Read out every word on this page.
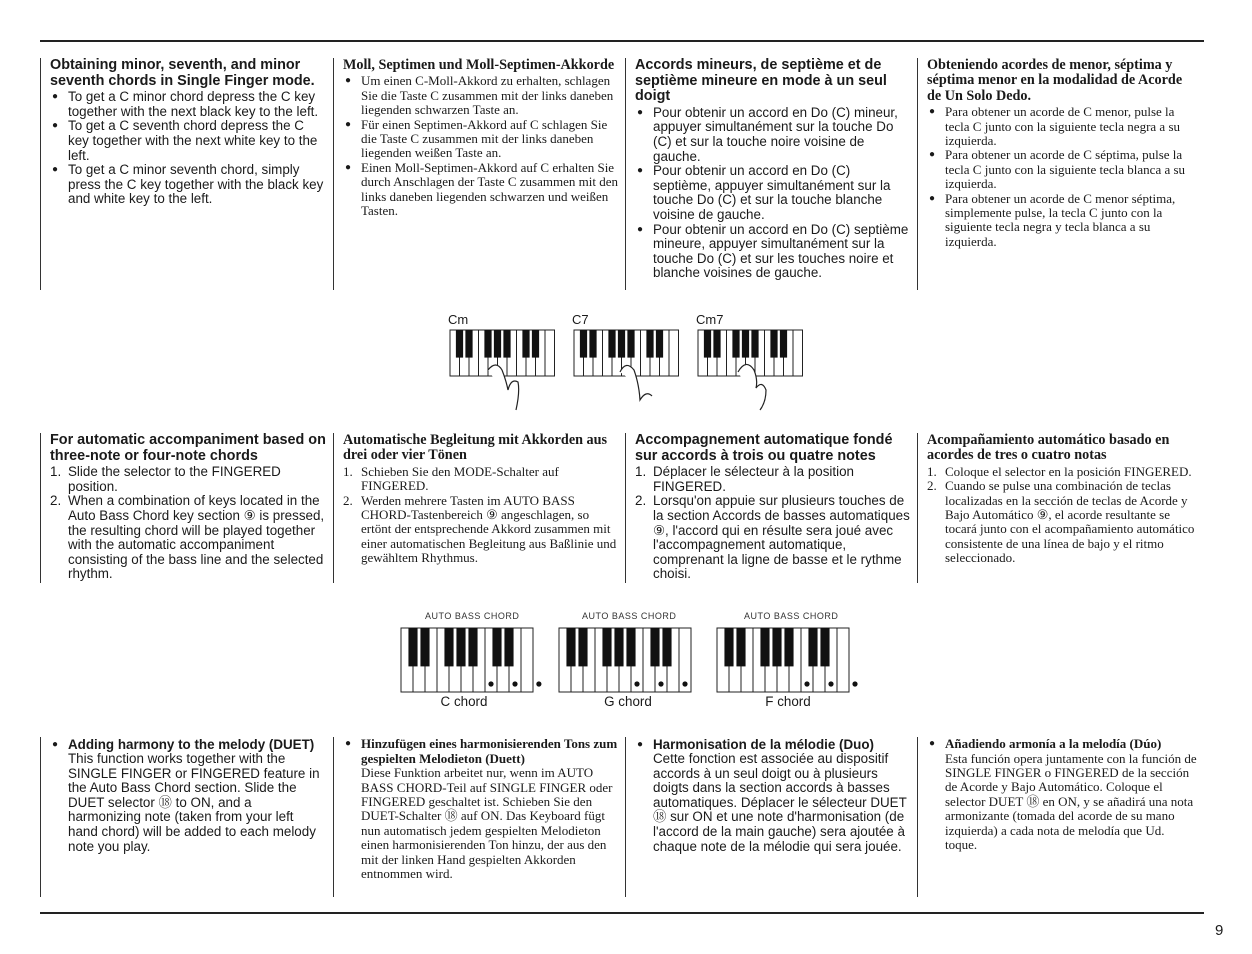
Obtaining minor, seventh, and minor seventh chords in Single Finger mode.
● To get a C minor chord depress the C key together with the next black key to the left.
● To get a C seventh chord depress the C key together with the next white key to the left.
● To get a C minor seventh chord, simply press the C key together with the black key and white key to the left.
Moll, Septimen und Moll-Septimen-Akkorde
● Um einen C-Moll-Akkord zu erhalten, schlagen Sie die Taste C zusammen mit der links daneben liegenden schwarzen Taste an.
● Für einen Septimen-Akkord auf C schlagen Sie die Taste C zusammen mit der links daneben liegenden weißen Taste an.
● Einen Moll-Septimen-Akkord auf C erhalten Sie durch Anschlagen der Taste C zusammen mit den links daneben liegenden schwarzen und weißen Tasten.
Accords mineurs, de septième et de septième mineure en mode à un seul doigt
● Pour obtenir un accord en Do (C) mineur, appuyer simultanément sur la touche Do (C) et sur la touche noire voisine de gauche.
● Pour obtenir un accord en Do (C) septième, appuyer simultanément sur la touche Do (C) et sur la touche blanche voisine de gauche.
● Pour obtenir un accord en Do (C) septième mineure, appuyer simultanément sur la touche Do (C) et sur les touches noire et blanche voisines de gauche.
Obteniendo acordes de menor, séptima y séptima menor en la modalidad de Acorde de Un Solo Dedo.
● Para obtener un acorde de C menor, pulse la tecla C junto con la siguiente tecla negra a su izquierda.
● Para obtener un acorde de C séptima, pulse la tecla C junto con la siguiente tecla blanca a su izquierda.
● Para obtener un acorde de C menor séptima, simplemente pulse, la tecla C junto con la siguiente tecla negra y tecla blanca a su izquierda.
Cm	C7	Cm7
For automatic accompaniment based on three-note or four-note chords
1. Slide the selector to the FINGERED position.
2. When a combination of keys located in the Auto Bass Chord key section ⑨ is pressed, the resulting chord will be played together with the automatic accompaniment consisting of the bass line and the selected rhythm.
Automatische Begleitung mit Akkorden aus drei oder vier Tönen
1. Schieben Sie den MODE-Schalter auf FINGERED.
2. Werden mehrere Tasten im AUTO BASS CHORD-Tastenbereich ⑨ angeschlagen, so ertönt der entsprechende Akkord zusammen mit einer automatischen Begleitung aus Baßlinie und gewähltem Rhythmus.
Accompagnement automatique fondé sur accords à trois ou quatre notes
1. Déplacer le sélecteur à la position FINGERED.
2. Lorsqu'on appuie sur plusieurs touches de la section Accords de basses automatiques ⑨, l'accord qui en résulte sera joué avec l'accompagnement automatique, comprenant la ligne de basse et le rythme choisi.
Acompañamiento automático basado en acordes de tres o cuatro notas
1. Coloque el selector en la posición FINGERED.
2. Cuando se pulse una combinación de teclas localizadas en la sección de teclas de Acorde y Bajo Automático ⑨, el acorde resultante se tocará junto con el acompañamiento automático consistente de una línea de bajo y el ritmo seleccionado.
AUTO BASS CHORD	AUTO BASS CHORD	AUTO BASS CHORD
C chord	G chord	F chord
● Adding harmony to the melody (DUET)
This function works together with the SINGLE FINGER or FINGERED feature in the Auto Bass Chord section. Slide the DUET selector ⑱ to ON, and a harmonizing note (taken from your left hand chord) will be added to each melody note you play.
● Hinzufügen eines harmonisierenden Tons zum gespielten Melodieton (Duett)
Diese Funktion arbeitet nur, wenn im AUTO BASS CHORD-Teil auf SINGLE FINGER oder FINGERED geschaltet ist. Schieben Sie den DUET-Schalter ⑱ auf ON. Das Keyboard fügt nun automatisch jedem gespielten Melodieton einen harmonisierenden Ton hinzu, der aus den mit der linken Hand gespielten Akkorden entnommen wird.
● Harmonisation de la mélodie (Duo)
Cette fonction est associée au dispositif accords à un seul doigt ou à plusieurs doigts dans la section accords à basses automatiques. Déplacer le sélecteur DUET ⑱ sur ON et une note d'harmonisation (de l'accord de la main gauche) sera ajoutée à chaque note de la mélodie qui sera jouée.
● Añadiendo armonía a la melodía (Dúo)
Esta función opera juntamente con la función de SINGLE FINGER o FINGERED de la sección de Acorde y Bajo Automático. Coloque el selector DUET ⑱ en ON, y se añadirá una nota armonizante (tomada del acorde de su mano izquierda) a cada nota de melodía que Ud. toque.
9
